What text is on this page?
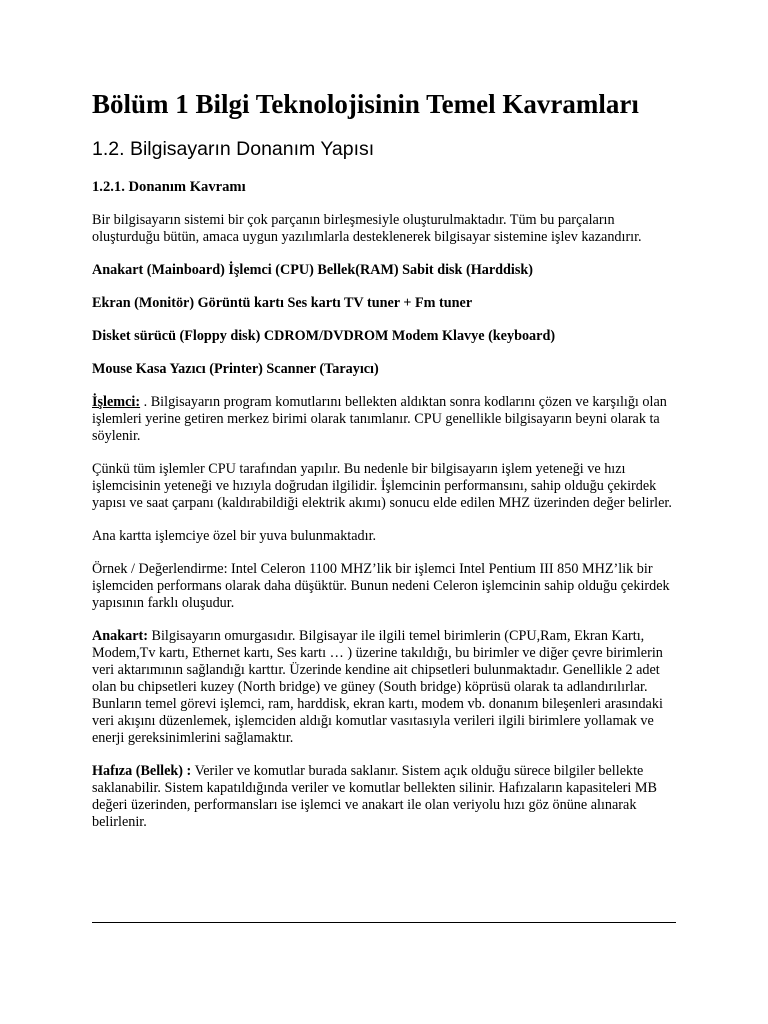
Bölüm 1 Bilgi Teknolojisinin Temel Kavramları
1.2. Bilgisayarın Donanım Yapısı
1.2.1. Donanım Kavramı

Bir bilgisayarın sistemi bir çok parçanın birleşmesiyle oluşturulmaktadır. Tüm bu parçaların oluşturduğu bütün, amaca uygun yazılımlarla desteklenerek bilgisayar sistemine işlev kazandırır.

Anakart (Mainboard) İşlemci (CPU) Bellek(RAM) Sabit disk (Harddisk)

Ekran (Monitör) Görüntü kartı Ses kartı TV tuner + Fm tuner

Disket sürücü (Floppy disk) CDROM/DVDROM Modem Klavye (keyboard)

Mouse Kasa Yazıcı (Printer) Scanner (Tarayıcı)

İşlemci: . Bilgisayarın program komutlarını bellekten aldıktan sonra kodlarını çözen ve karşılığı olan işlemleri yerine getiren merkez birimi olarak tanımlanır. CPU genellikle bilgisayarın beyni olarak ta söylenir.

Çünkü tüm işlemler CPU tarafından yapılır. Bu nedenle bir bilgisayarın işlem yeteneği ve hızı işlemcisinin yeteneği ve hızıyla doğrudan ilgilidir. İşlemcinin performansını, sahip olduğu çekirdek yapısı ve saat çarpanı (kaldırabildiği elektrik akımı) sonucu elde edilen MHZ üzerinden değer belirler.

Ana kartta işlemciye özel bir yuva bulunmaktadır.

Örnek / Değerlendirme: Intel Celeron 1100 MHZ’lik bir işlemci Intel Pentium III 850 MHZ’lik bir işlemciden performans olarak daha düşüktür. Bunun nedeni Celeron işlemcinin sahip olduğu çekirdek yapısının farklı oluşudur.

Anakart: Bilgisayarın omurgasıdır. Bilgisayar ile ilgili temel birimlerin (CPU,Ram, Ekran Kartı, Modem,Tv kartı, Ethernet kartı, Ses kartı … ) üzerine takıldığı, bu birimler ve diğer çevre birimlerin veri aktarımının sağlandığı karttır. Üzerinde kendine ait chipsetleri bulunmaktadır. Genellikle 2 adet olan bu chipsetleri kuzey (North bridge) ve güney (South bridge) köprüsü olarak ta adlandırılırlar. Bunların temel görevi işlemci, ram, harddisk, ekran kartı, modem vb. donanım bileşenleri arasındaki veri akışını düzenlemek, işlemciden aldığı komutlar vasıtasıyla verileri ilgili birimlere yollamak ve enerji gereksinimlerini sağlamaktır.

Hafıza (Bellek) : Veriler ve komutlar burada saklanır. Sistem açık olduğu sürece bilgiler bellekte saklanabilir. Sistem kapatıldığında veriler ve komutlar bellekten silinir. Hafızaların kapasiteleri MB değeri üzerinden, performansları ise işlemci ve anakart ile olan veriyolu hızı göz önüne alınarak belirlenir.
